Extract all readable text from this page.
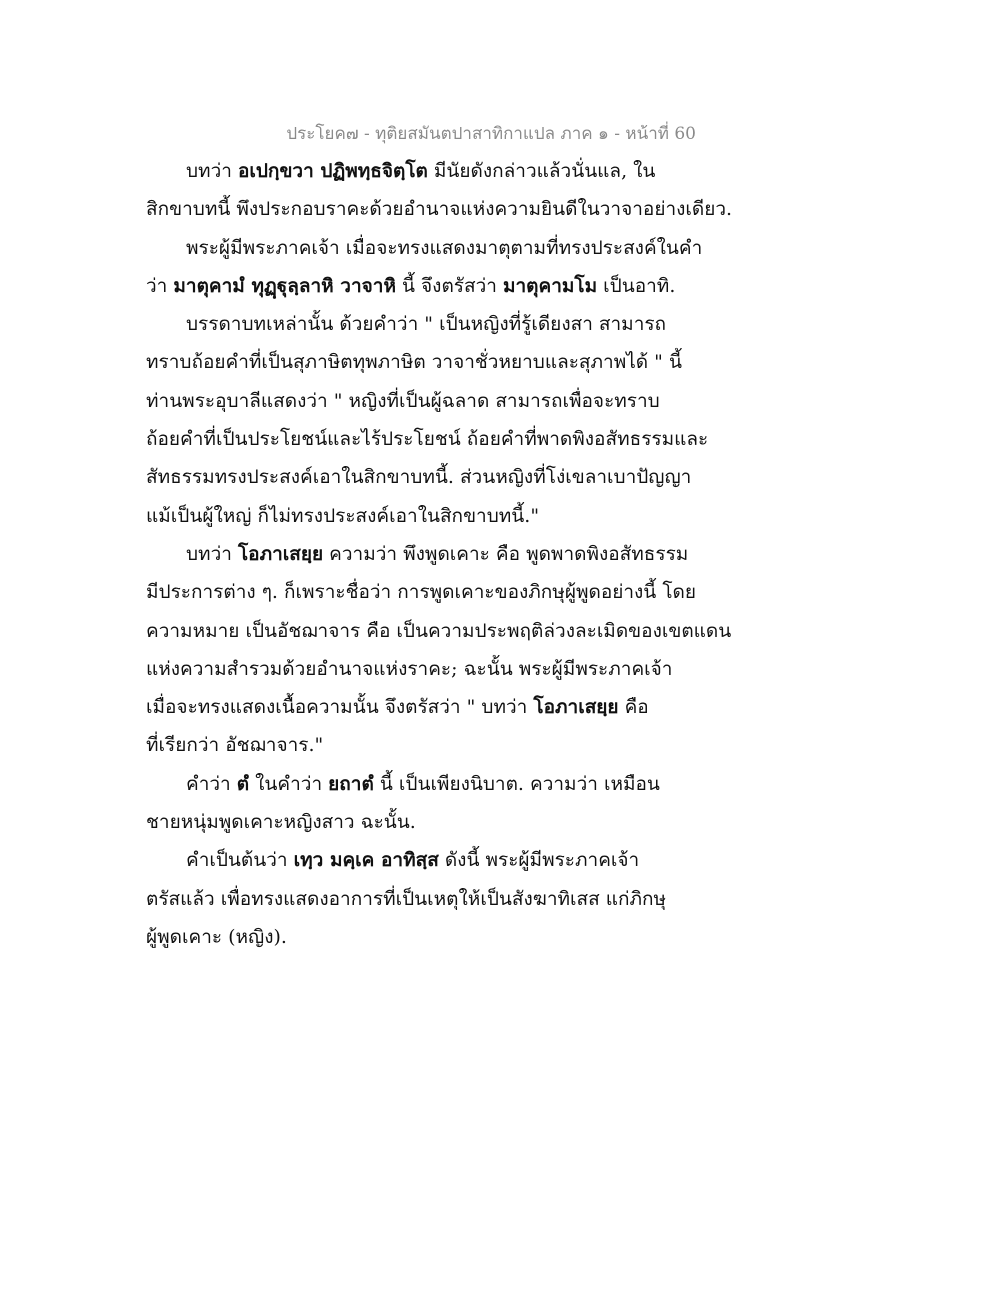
ประโยค๗ - ทุติยสมันตปาสาทิกาแปล ภาค ๑ - หน้าที่ 60
บทว่า อเปกฺขวา ปฏิพทฺธจิตฺโต มีนัยดังกล่าวแล้วนั่นแล, ใน
สิกขาบทนี้ พึงประกอบราคะด้วยอำนาจแห่งความยินดีในวาจาอย่างเดียว.
พระผู้มีพระภาคเจ้า เมื่อจะทรงแสดงมาตุตามที่ทรงประสงค์ในคำ
ว่า มาตุคามํ ทุฏฺฐุลฺลาหิ วาจาหิ นี้ จึงตรัสว่า มาตุคามโม เป็นอาทิ.
บรรดาบทเหล่านั้น ด้วยคำว่า " เป็นหญิงที่รู้เดียงสา สามารถ
ทราบถ้อยคำที่เป็นสุภาษิตทุพภาษิต วาจาชั่วหยาบและสุภาพได้ " นี้
ท่านพระอุบาลีแสดงว่า " หญิงที่เป็นผู้ฉลาด สามารถเพื่อจะทราบ
ถ้อยคำที่เป็นประโยชน์และไร้ประโยชน์ ถ้อยคำที่พาดพิงอสัทธรรมและ
สัทธรรมทรงประสงค์เอาในสิกขาบทนี้. ส่วนหญิงที่โง่เขลาเบาปัญญา
แม้เป็นผู้ใหญ่ ก็ไม่ทรงประสงค์เอาในสิกขาบทนี้."
บทว่า โอภาเสยฺย ความว่า พึงพูดเคาะ คือ พูดพาดพิงอสัทธรรม
มีประการต่าง ๆ. ก็เพราะชื่อว่า การพูดเคาะของภิกษุผู้พูดอย่างนี้ โดย
ความหมาย เป็นอัชฌาจาร คือ เป็นความประพฤติล่วงละเมิดของเขตแดน
แห่งความสำรวมด้วยอำนาจแห่งราคะ; ฉะนั้น พระผู้มีพระภาคเจ้า
เมื่อจะทรงแสดงเนื้อความนั้น จึงตรัสว่า " บทว่า โอภาเสยฺย คือ
ที่เรียกว่า อัชฌาจาร."
คำว่า ตํ ในคำว่า ยถาตํ นี้ เป็นเพียงนิบาต. ความว่า เหมือน
ชายหนุ่มพูดเคาะหญิงสาว ฉะนั้น.
คำเป็นต้นว่า เทฺว มคฺเค อาทิสฺส ดังนี้ พระผู้มีพระภาคเจ้า
ตรัสแล้ว เพื่อทรงแสดงอาการที่เป็นเหตุให้เป็นสังฆาทิเสส แก่ภิกษุ
ผู้พูดเคาะ (หญิง).
